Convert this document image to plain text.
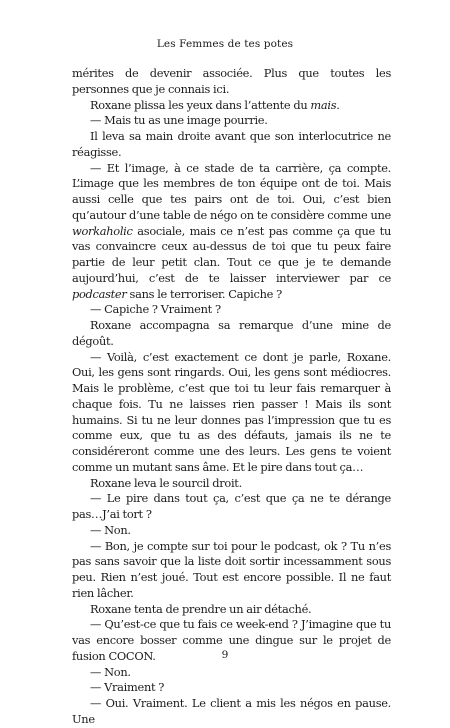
Les Femmes de tes potes

mérites de devenir associée. Plus que toutes les personnes que je connais ici.

Roxane plissa les yeux dans l’attente du mais.

— Mais tu as une image pourrie.

Il leva sa main droite avant que son interlocutrice ne réagisse.

— Et l’image, à ce stade de ta carrière, ça compte. L’image que les membres de ton équipe ont de toi. Mais aussi celle que tes pairs ont de toi. Oui, c’est bien qu’autour d’une table de négo on te considère comme une workaholic asociale, mais ce n’est pas comme ça que tu vas convaincre ceux au-dessus de toi que tu peux faire partie de leur petit clan. Tout ce que je te demande aujourd’hui, c’est de te laisser interviewer par ce podcaster sans le terroriser. Capiche ?

— Capiche ? Vraiment ?

Roxane accompagna sa remarque d’une mine de dégoût.

— Voilà, c’est exactement ce dont je parle, Roxane. Oui, les gens sont ringards. Oui, les gens sont médiocres. Mais le problème, c’est que toi tu leur fais remarquer à chaque fois. Tu ne laisses rien passer ! Mais ils sont humains. Si tu ne leur donnes pas l’impression que tu es comme eux, que tu as des défauts, jamais ils ne te considéreront comme une des leurs. Les gens te voient comme un mutant sans âme. Et le pire dans tout ça…

Roxane leva le sourcil droit.

— Le pire dans tout ça, c’est que ça ne te dérange pas…J’ai tort ?

— Non.

— Bon, je compte sur toi pour le podcast, ok ? Tu n’es pas sans savoir que la liste doit sortir incessamment sous peu. Rien n’est joué. Tout est encore possible. Il ne faut rien lâcher.

Roxane tenta de prendre un air détaché.

— Qu’est-ce que tu fais ce week-end ? J’imagine que tu vas encore bosser comme une dingue sur le projet de fusion COCON.

— Non.

— Vraiment ?

— Oui. Vraiment. Le client a mis les négos en pause. Une

9
